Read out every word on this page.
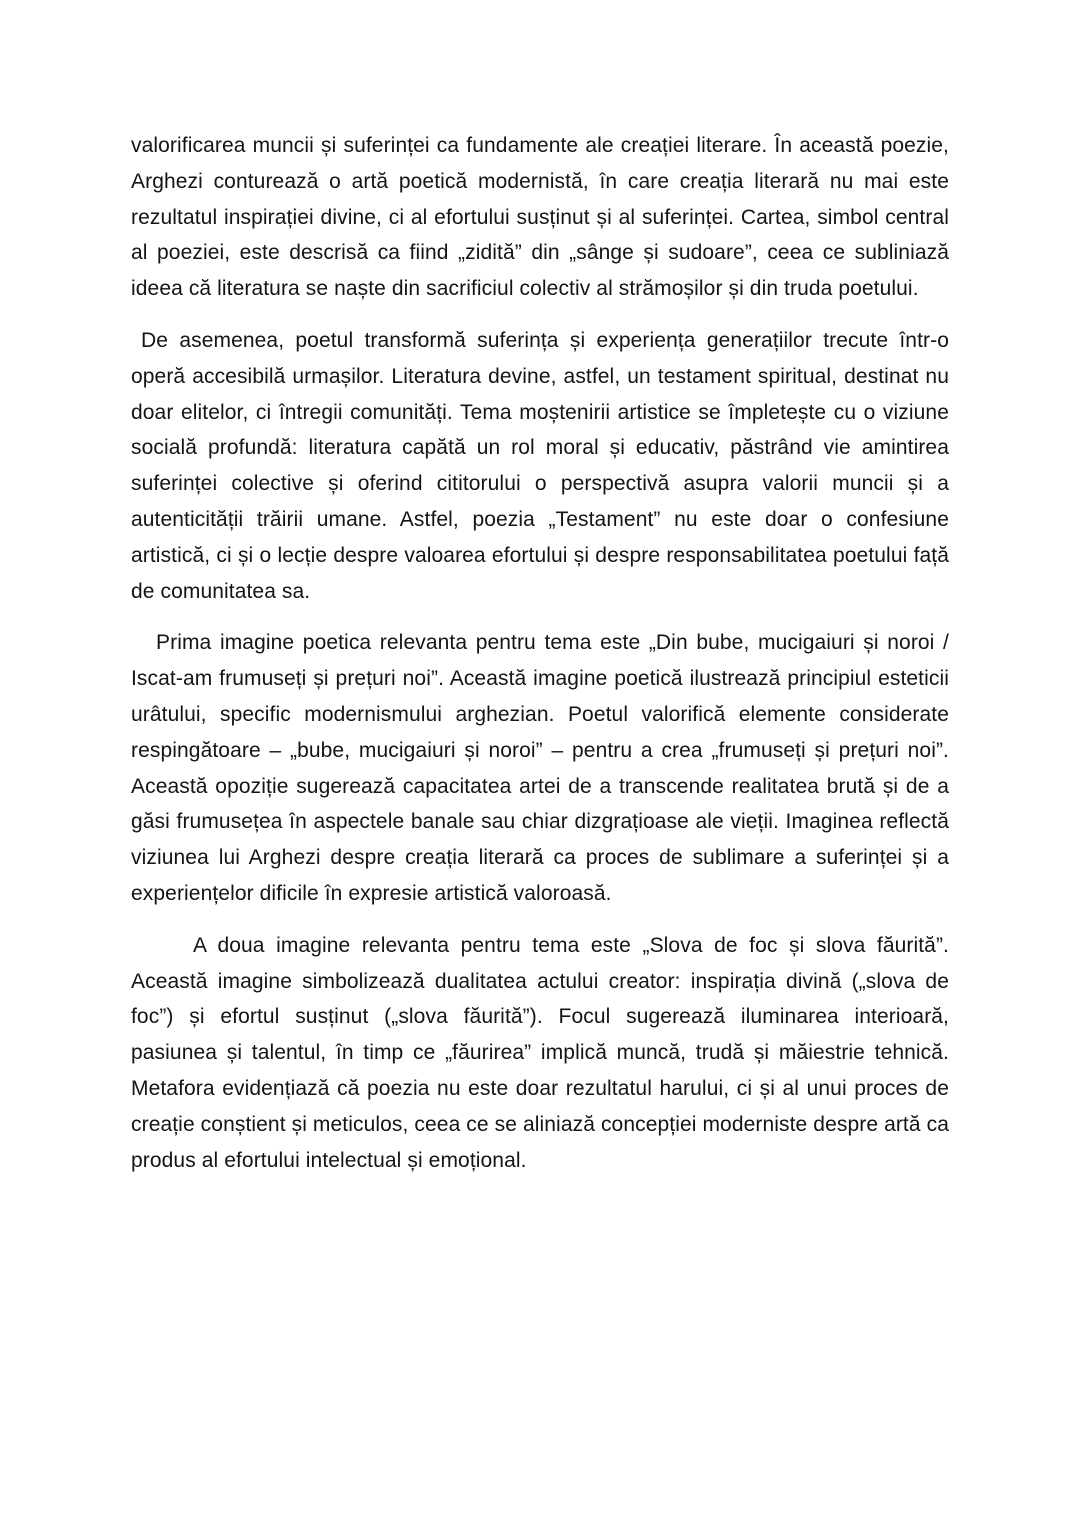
valorificarea muncii și suferinței ca fundamente ale creației literare. În această poezie, Arghezi conturează o artă poetică modernistă, în care creația literară nu mai este rezultatul inspirației divine, ci al efortului susținut și al suferinței. Cartea, simbol central al poeziei, este descrisă ca fiind „zidită” din „sânge și sudoare”, ceea ce subliniază ideea că literatura se naște din sacrificiul colectiv al strămoșilor și din truda poetului.

De asemenea, poetul transformă suferința și experiența generațiilor trecute într-o operă accesibilă urmașilor. Literatura devine, astfel, un testament spiritual, destinat nu doar elitelor, ci întregii comunități. Tema moștenirii artistice se împletește cu o viziune socială profundă: literatura capătă un rol moral și educativ, păstrând vie amintirea suferinței colective și oferind cititorului o perspectivă asupra valorii muncii și a autenticității trăirii umane. Astfel, poezia „Testament” nu este doar o confesiune artistică, ci și o lecție despre valoarea efortului și despre responsabilitatea poetului față de comunitatea sa.

Prima imagine poetica relevanta pentru tema este „Din bube, mucigaiuri și noroi / Iscat-am frumuseți și prețuri noi”. Această imagine poetică ilustrează principiul esteticii urâtului, specific modernismului arghezian. Poetul valorifică elemente considerate respingătoare – „bube, mucigaiuri și noroi” – pentru a crea „frumuseți și prețuri noi”. Această opoziție sugerează capacitatea artei de a transcende realitatea brută și de a găsi frumusețea în aspectele banale sau chiar dizgrațioase ale vieții. Imaginea reflectă viziunea lui Arghezi despre creația literară ca proces de sublimare a suferinței și a experiențelor dificile în expresie artistică valoroasă.

A doua imagine relevanta pentru tema este „Slova de foc și slova făurită”. Această imagine simbolizează dualitatea actului creator: inspirația divină („slova de foc”) și efortul susținut („slova făurită”). Focul sugerează iluminarea interioară, pasiunea și talentul, în timp ce „făurirea” implică muncă, trudă și măiestrie tehnică. Metafora evidențiază că poezia nu este doar rezultatul harului, ci și al unui proces de creație conștient și meticulos, ceea ce se aliniază concepției moderniste despre artă ca produs al efortului intelectual și emoțional.
